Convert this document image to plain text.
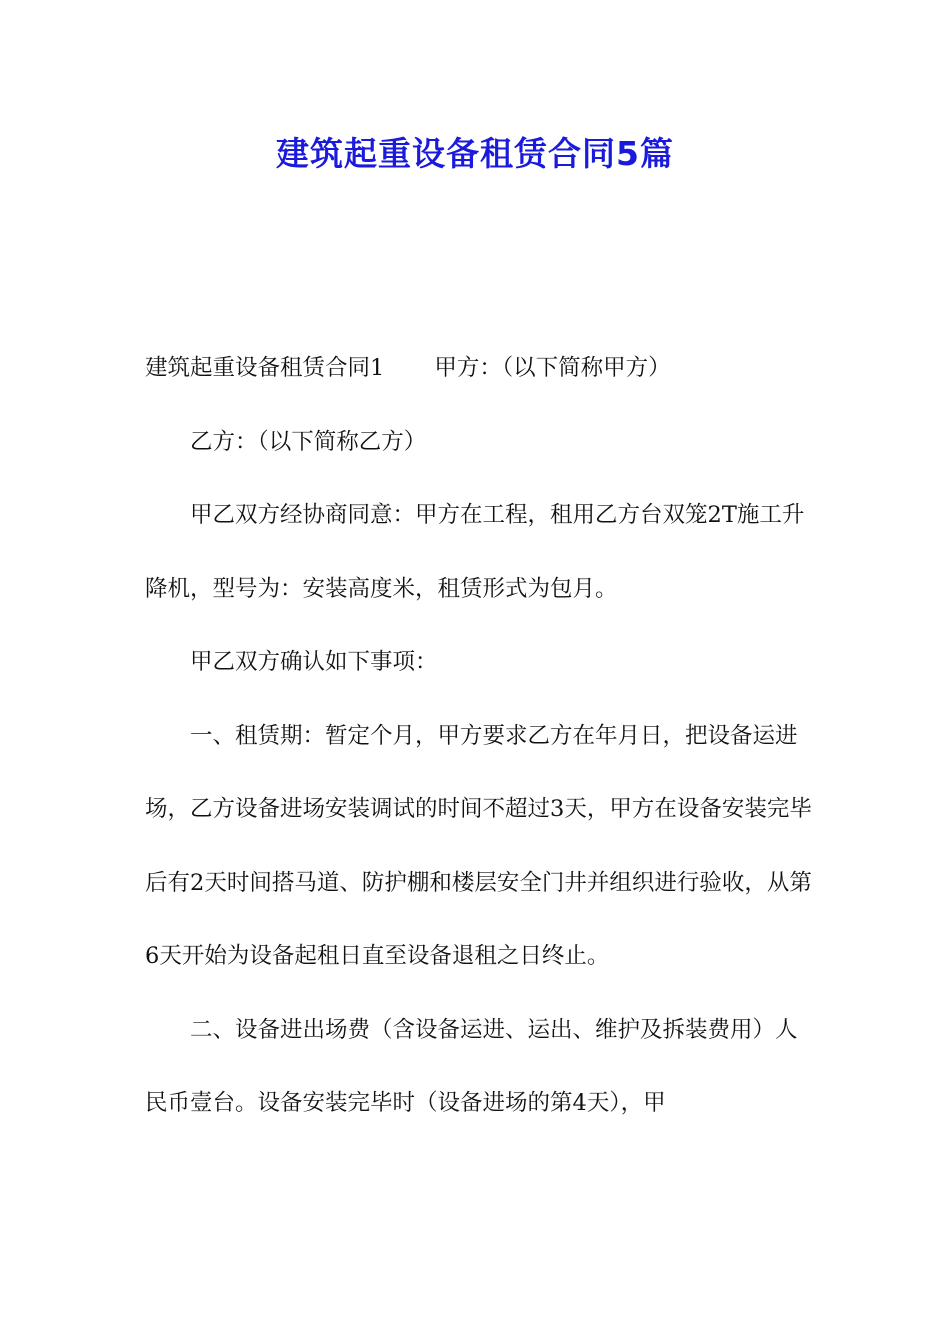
建筑起重设备租赁合同5篇

建筑起重设备租赁合同1 甲方：（以下简称甲方）

乙方：（以下简称乙方）

甲乙双方经协商同意：甲方在工程，租用乙方台双笼2T施工升降机，型号为：安装高度米，租赁形式为包月。

甲乙双方确认如下事项：

一、租赁期：暂定个月，甲方要求乙方在年月日，把设备运进场，乙方设备进场安装调试的时间不超过3天，甲方在设备安装完毕后有2天时间搭马道、防护棚和楼层安全门井并组织进行验收，从第6天开始为设备起租日直至设备退租之日终止。

二、设备进出场费（含设备运进、运出、维护及拆装费用）人民币壹台。设备安装完毕时（设备进场的第4天），甲
